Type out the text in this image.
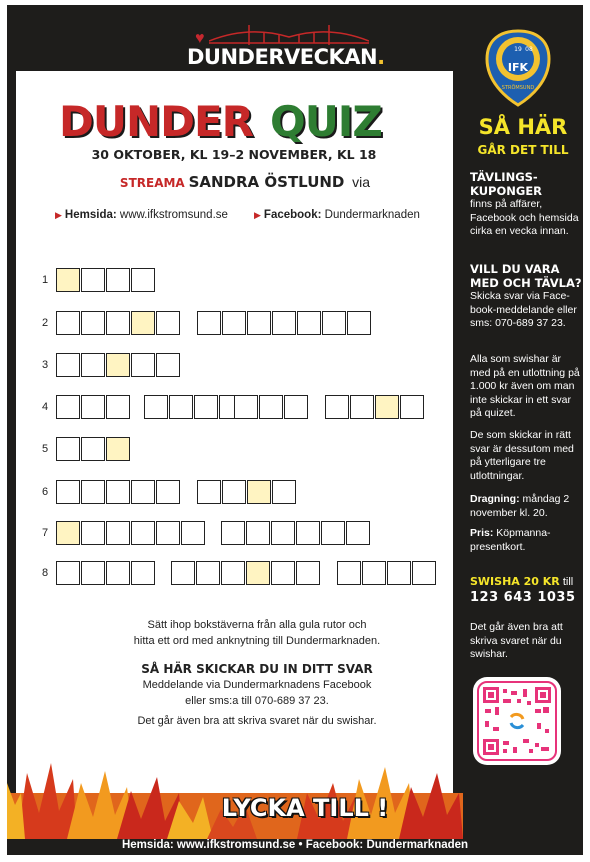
♥
DUNDERVECKAN.	19 08
IFK
STRÖMSUND
DUNDER QUIZ
30 OKTOBER, KL 19–2 NOVEMBER, KL 18
STREAMA SANDRA ÖSTLUND via
▶ Hemsida: www.ifkstromsund.se	▶ Facebook: Dundermarknaden
1
2
3
4
5
6
7
8
Sätt ihop bokstäverna från alla gula rutor och
hitta ett ord med anknytning till Dundermarknaden.
SÅ HÄR SKICKAR DU IN DITT SVAR
Meddelande via Dundermarknadens Facebook
eller sms:a till 070-689 37 23.
Det går även bra att skriva svaret när du swishar.
LYCKA TILL !
Hemsida: www.ifkstromsund.se • Facebook: Dundermarknaden
SÅ HÄR
GÅR DET TILL
TÄVLINGS-
KUPONGER
finns på affärer, Facebook och hemsida cirka en vecka innan.
VILL DU VARA
MED OCH TÄVLA?
Skicka svar via Face-book-meddelande eller sms: 070-689 37 23.
Alla som swishar är med på en utlottning på 1.000 kr även om man inte skickar in ett svar på quizet.
De som skickar in rätt svar är dessutom med på ytterligare tre utlottningar.
Dragning: måndag 2 november kl. 20.
Pris: Köpmanna-presentkort.
SWISHA 20 KR till
123 643 1035
Det går även bra att skriva svaret när du swishar.
